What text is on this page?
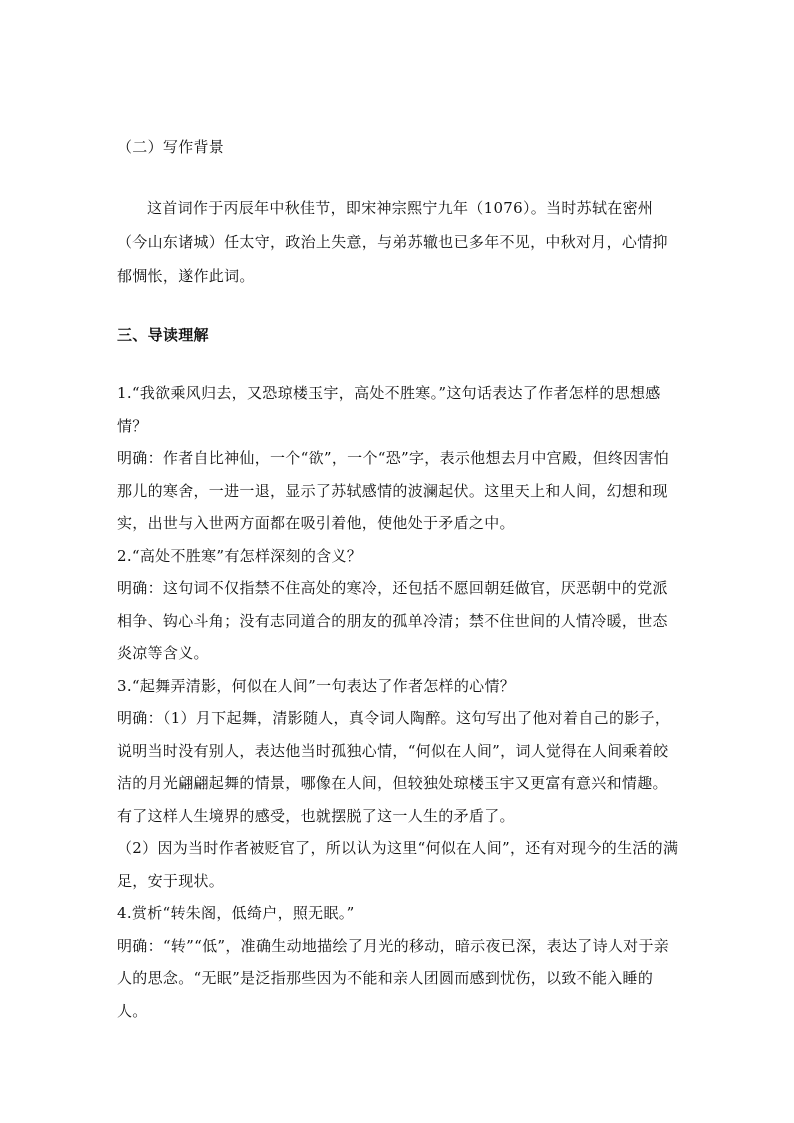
（二）写作背景
这首词作于丙辰年中秋佳节，即宋神宗熙宁九年（1076）。当时苏轼在密州（今山东诸城）任太守，政治上失意，与弟苏辙也已多年不见，中秋对月，心情抑郁惆怅，遂作此词。
三、导读理解

1.“我欲乘风归去，又恐琼楼玉宇，高处不胜寒。”这句话表达了作者怎样的思想感情？

明确：作者自比神仙，一个“欲”，一个“恐”字，表示他想去月中宫殿，但终因害怕那儿的寒舍，一进一退，显示了苏轼感情的波澜起伏。这里天上和人间，幻想和现实，出世与入世两方面都在吸引着他，使他处于矛盾之中。

2.“高处不胜寒”有怎样深刻的含义？

明确：这句词不仅指禁不住高处的寒冷，还包括不愿回朝廷做官，厌恶朝中的党派相争、钩心斗角；没有志同道合的朋友的孤单冷清；禁不住世间的人情冷暖，世态炎凉等含义。

3.“起舞弄清影，何似在人间”一句表达了作者怎样的心情？

明确：（1）月下起舞，清影随人，真令词人陶醉。这句写出了他对着自己的影子，说明当时没有别人，表达他当时孤独心情，“何似在人间”，词人觉得在人间乘着皎洁的月光翩翩起舞的情景，哪像在人间，但较独处琼楼玉宇又更富有意兴和情趣。有了这样人生境界的感受，也就摆脱了这一人生的矛盾了。

（2）因为当时作者被贬官了，所以认为这里“何似在人间”，还有对现今的生活的满足，安于现状。

4.赏析“转朱阁，低绮户，照无眠。”

明确：“转”“低”，准确生动地描绘了月光的移动，暗示夜已深，表达了诗人对于亲人的思念。“无眠”是泛指那些因为不能和亲人团圆而感到忧伤，以致不能入睡的人。
